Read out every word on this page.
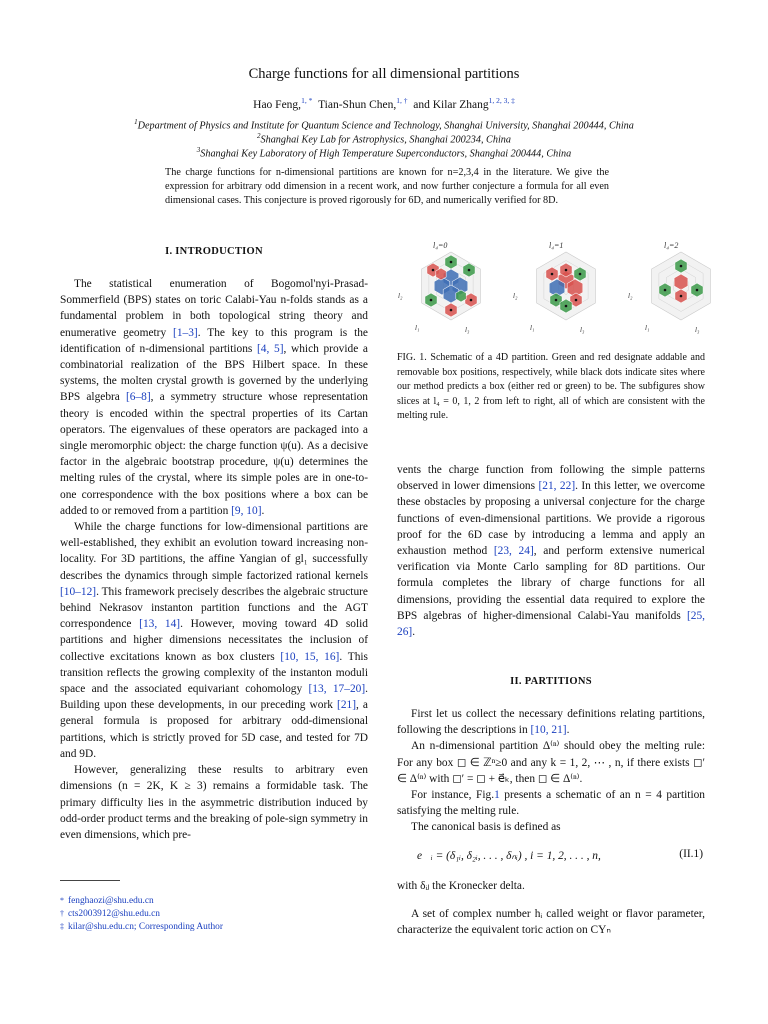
Charge functions for all dimensional partitions
Hao Feng,$^{1, *}$ Tian-Shun Chen,$^{1, \dagger}$ and Kilar Zhang$^{1, 2, 3, \ddagger}$
$^1$Department of Physics and Institute for Quantum Science and Technology, Shanghai University, Shanghai 200444, China
$^2$Shanghai Key Lab for Astrophysics, Shanghai 200234, China
$^3$Shanghai Key Laboratory of High Temperature Superconductors, Shanghai 200444, China
The charge functions for n-dimensional partitions are known for n=2,3,4 in the literature. We give the expression for arbitrary odd dimension in a recent work, and now further conjecture a formula for all even dimensional cases. This conjecture is proved rigorously for 6D, and numerically verified for 8D.
I. INTRODUCTION

The statistical enumeration of Bogomol'nyi-Prasad-Sommerfield (BPS) states on toric Calabi-Yau n-folds stands as a fundamental problem in both topological string theory and enumerative geometry [1–3]. The key to this program is the identification of n-dimensional partitions [4, 5], which provide a combinatorial realization of the BPS Hilbert space. In these systems, the molten crystal growth is governed by the underlying BPS algebra [6–8], a symmetry structure whose representation theory is encoded within the spectral properties of its Cartan operators. The eigenvalues of these operators are packaged into a single meromorphic object: the charge function ψ(u). As a decisive factor in the algebraic bootstrap procedure, ψ(u) determines the melting rules of the crystal, where its simple poles are in one-to-one correspondence with the box positions where a box can be added to or removed from a partition [9, 10].

While the charge functions for low-dimensional partitions are well-established, they exhibit an evolution toward increasing non-locality. For 3D partitions, the affine Yangian of gl₁ successfully describes the dynamics through simple factorized rational kernels [10–12]. This framework precisely describes the algebraic structure behind Nekrasov instanton partition functions and the AGT correspondence [13, 14]. However, moving toward 4D solid partitions and higher dimensions necessitates the inclusion of collective excitations known as box clusters [10, 15, 16]. This transition reflects the growing complexity of the instanton moduli space and the associated equivariant cohomology [13, 17–20]. Building upon these developments, in our preceding work [21], a general formula is proposed for arbitrary odd-dimensional partitions, which is strictly proved for 5D case, and tested for 7D and 9D.

However, generalizing these results to arbitrary even dimensions (n = 2K, K ≥ 3) remains a formidable task. The primary difficulty lies in the asymmetric distribution induced by odd-order product terms and the breaking of pole-sign symmetry in even dimensions, which pre-

l₄=0	l₄=1	l₄=2
l₂
l₁	l₃
l₂
l₁	l₃
l₂
l₁	l₃
FIG. 1. Schematic of a 4D partition. Green and red designate addable and removable box positions, respectively, while black dots indicate sites where our method predicts a box (either red or green) to be. The subfigures show slices at l₄ = 0, 1, 2 from left to right, all of which are consistent with the melting rule.

vents the charge function from following the simple patterns observed in lower dimensions [21, 22]. In this letter, we overcome these obstacles by proposing a universal conjecture for the charge functions of even-dimensional partitions. We provide a rigorous proof for the 6D case by introducing a lemma and apply an exhaustion method [23, 24], and perform extensive numerical verification via Monte Carlo sampling for 8D partitions. Our formula completes the library of charge functions for all dimensions, providing the essential data required to explore the BPS algebras of higher-dimensional Calabi-Yau manifolds [25, 26].

II. PARTITIONS

First let us collect the necessary definitions relating partitions, following the descriptions in [10, 21].

An n-dimensional partition Δ⁽ⁿ⁾ should obey the melting rule: For any box ◻ ∈ ℤⁿ≥0 and any k = 1, 2, ⋯ , n, if there exists ◻′ ∈ Δ⁽ⁿ⁾ with ◻′ = ◻ + e⃗ₖ, then ◻ ∈ Δ⁽ⁿ⁾.

For instance, Fig.1 presents a schematic of an n = 4 partition satisfying the melting rule.

The canonical basis is defined as

e⃗ᵢ = (δ₁ᵢ, δ₂ᵢ, . . . , δₙᵢ) , i = 1, 2, . . . , n,	(II.1)

with δᵢⱼ the Kronecker delta.

A set of complex number hᵢ called weight or flavor parameter, characterize the equivalent toric action on CYₙ

* fenghaozi@shu.edu.cn
† cts2003912@shu.edu.cn
‡ kilar@shu.edu.cn; Corresponding Author
